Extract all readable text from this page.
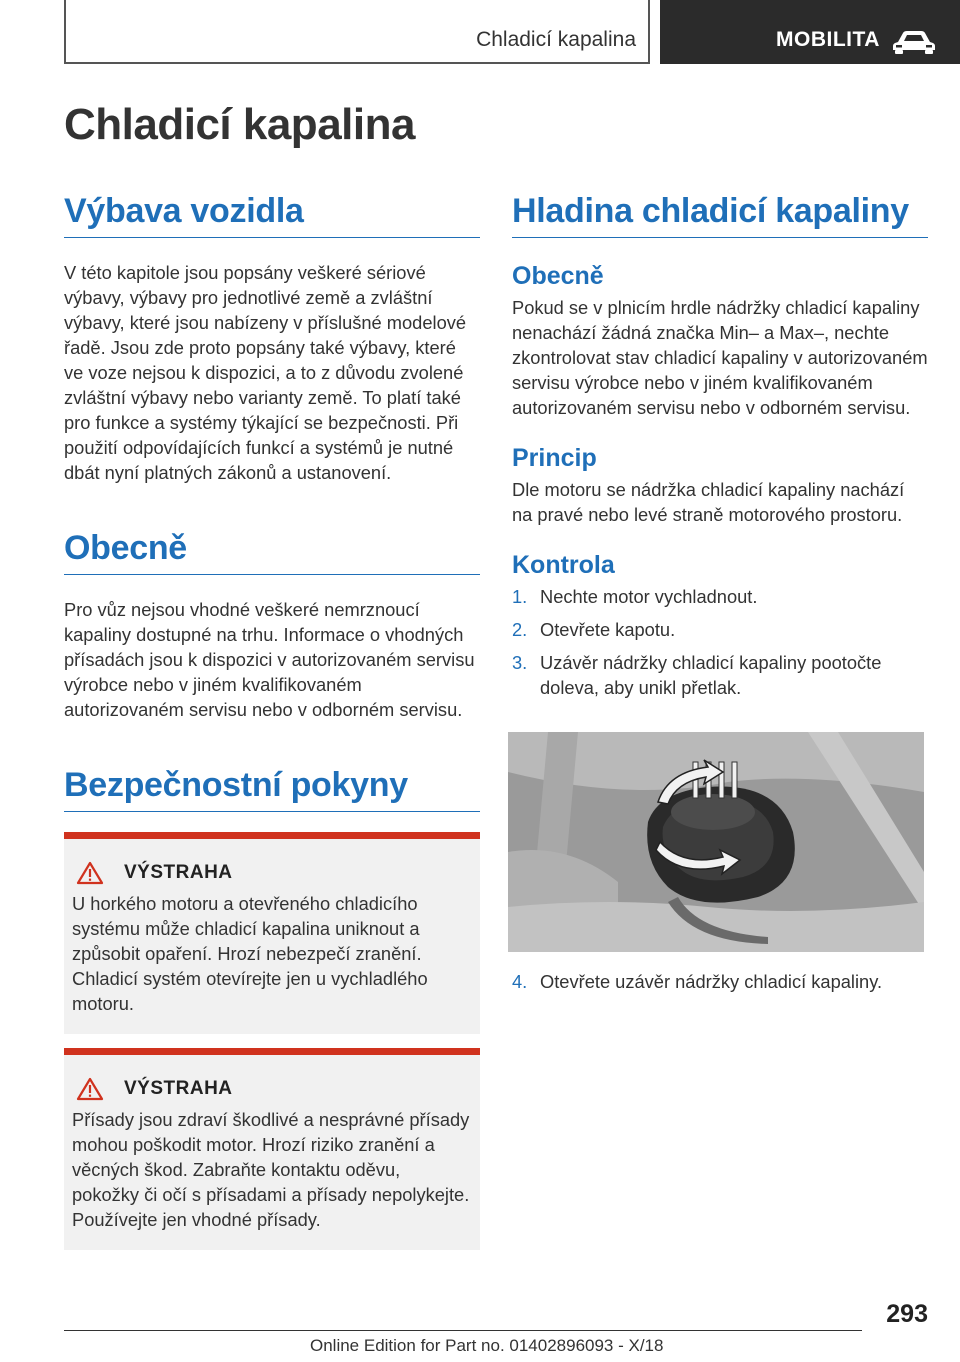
Chladicí kapalina	MOBILITA
Chladicí kapalina
Výbava vozidla

V této kapitole jsou popsány veškeré sériové výbavy, výbavy pro jednotlivé země a zvláštní výbavy, které jsou nabízeny v příslušné modelové řadě. Jsou zde proto popsány také výbavy, které ve voze nejsou k dispozici, a to z důvodu zvolené zvláštní výbavy nebo varianty země. To platí také pro funkce a systémy týkající se bezpečnosti. Při použití odpovídajících funkcí a systémů je nutné dbát nyní platných zákonů a ustanovení.

Obecně

Pro vůz nejsou vhodné veškeré nemrznoucí kapaliny dostupné na trhu. Informace o vhodných přísadách jsou k dispozici v autorizovaném servisu výrobce nebo v jiném kvalifikovaném autorizovaném servisu nebo v odborném servisu.

Bezpečnostní pokyny
VÝSTRAHA

U horkého motoru a otevřeného chladicího systému může chladicí kapalina uniknout a způsobit opaření. Hrozí nebezpečí zranění. Chladicí systém otevírejte jen u vychladlého motoru.

VÝSTRAHA

Přísady jsou zdraví škodlivé a nesprávné přísady mohou poškodit motor. Hrozí riziko zranění a věcných škod. Zabraňte kontaktu oděvu, pokožky či očí s přísadami a přísady nepolykejte. Používejte jen vhodné přísady.

Hladina chladicí kapaliny
Obecně

Pokud se v plnicím hrdle nádržky chladicí kapaliny nenachází žádná značka Min– a Max–, nechte zkontrolovat stav chladicí kapaliny v autorizovaném servisu výrobce nebo v jiném kvalifikovaném autorizovaném servisu nebo v odborném servisu.

Princip

Dle motoru se nádržka chladicí kapaliny nachází na pravé nebo levé straně motorového prostoru.

Kontrola
1. Nechte motor vychladnout.
2. Otevřete kapotu.
3. Uzávěr nádržky chladicí kapaliny pootočte doleva, aby unikl přetlak.
4. Otevřete uzávěr nádržky chladicí kapaliny.
293
Online Edition for Part no. 01402896093 - X/18
